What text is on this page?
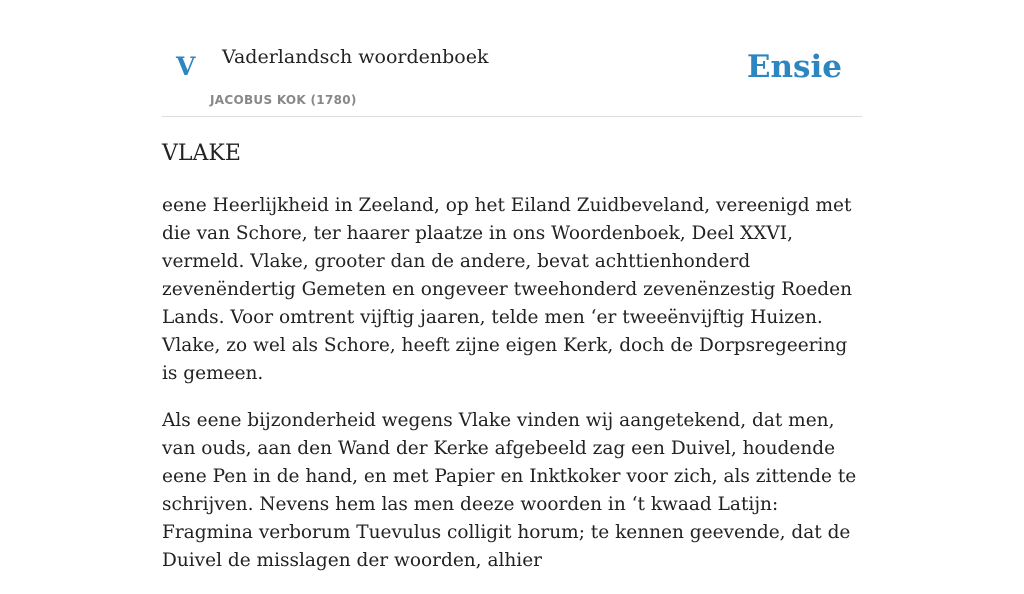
V Vaderlandsch woordenboek
JACOBUS KOK (1780)
Ensie
VLAKE

eene Heerlijkheid in Zeeland, op het Eiland Zuidbeveland, vereenigd met die van Schore, ter haarer plaatze in ons Woordenboek, Deel XXVI, vermeld. Vlake, grooter dan de andere, bevat achttienhonderd zevenëndertig Gemeten en ongeveer tweehonderd zevenënzestig Roeden Lands. Voor omtrent vijftig jaaren, telde men ‘er tweeënvijftig Huizen. Vlake, zo wel als Schore, heeft zijne eigen Kerk, doch de Dorpsregeering is gemeen.

Als eene bijzonderheid wegens Vlake vinden wij aangetekend, dat men, van ouds, aan den Wand der Kerke afgebeeld zag een Duivel, houdende eene Pen in de hand, en met Papier en Inktkoker voor zich, als zittende te schrijven. Nevens hem las men deeze woorden in ‘t kwaad Latijn: Fragmina verborum Tuevulus colligit horum; te kennen geevende, dat de Duivel de misslagen der woorden, alhier
